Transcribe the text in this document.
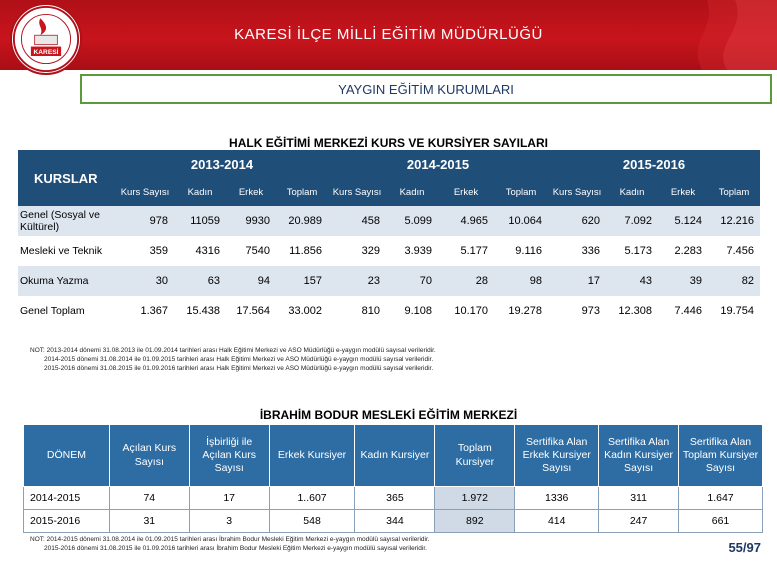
KARESİ İLÇE MİLLİ EĞİTİM MÜDÜRLÜĞÜ
KARESİ
YAYGIN EĞİTİM KURUMLARI
HALK EĞİTİMİ MERKEZİ KURS VE KURSİYER SAYILARI
KURSLAR	2013-2014				2014-2015				2015-2016			
	Kurs Sayısı	Kadın	Erkek	Toplam	Kurs Sayısı	Kadın	Erkek	Toplam	Kurs Sayısı	Kadın	Erkek	Toplam
Genel (Sosyal ve Kültürel)	978	11059	9930	20.989	458	5.099	4.965	10.064	620	7.092	5.124	12.216
Mesleki ve Teknik	359	4316	7540	11.856	329	3.939	5.177	9.116	336	5.173	2.283	7.456
Okuma Yazma	30	63	94	157	23	70	28	98	17	43	39	82
Genel Toplam	1.367	15.438	17.564	33.002	810	9.108	10.170	19.278	973	12.308	7.446	19.754
NOT: 2013-2014 dönemi 31.08.2013 ile 01.09.2014 tarihleri arası Halk Eğitimi Merkezi ve ASO Müdürlüğü e-yaygın modülü sayısal verileridir.
2014-2015 dönemi 31.08.2014 ile 01.09.2015 tarihleri arası Halk Eğitimi Merkezi ve ASO Müdürlüğü e-yaygın modülü sayısal verileridir.
2015-2016 dönemi 31.08.2015 ile 01.09.2016 tarihleri arası Halk Eğitimi Merkezi ve ASO Müdürlüğü e-yaygın modülü sayısal verileridir.
İBRAHİM BODUR MESLEKİ EĞİTİM MERKEZİ
DÖNEM	Açılan Kurs Sayısı	İşbirliği ile Açılan Kurs Sayısı	Erkek Kursiyer	Kadın Kursiyer	Toplam Kursiyer	Sertifika Alan Erkek Kursiyer Sayısı	Sertifika Alan Kadın Kursiyer Sayısı	Sertifika Alan Toplam Kursiyer Sayısı
2014-2015	74	17	1..607	365	1.972	1336	311	1.647
2015-2016	31	3	548	344	892	414	247	661
NOT: 2014-2015 dönemi 31.08.2014 ile 01.09.2015 tarihleri arası İbrahim Bodur Mesleki Eğitim Merkezi e-yaygın modülü sayısal verileridir.
2015-2016 dönemi 31.08.2015 ile 01.09.2016 tarihleri arası İbrahim Bodur Mesleki Eğitim Merkezi e-yaygın modülü sayısal verileridir.	55/97
